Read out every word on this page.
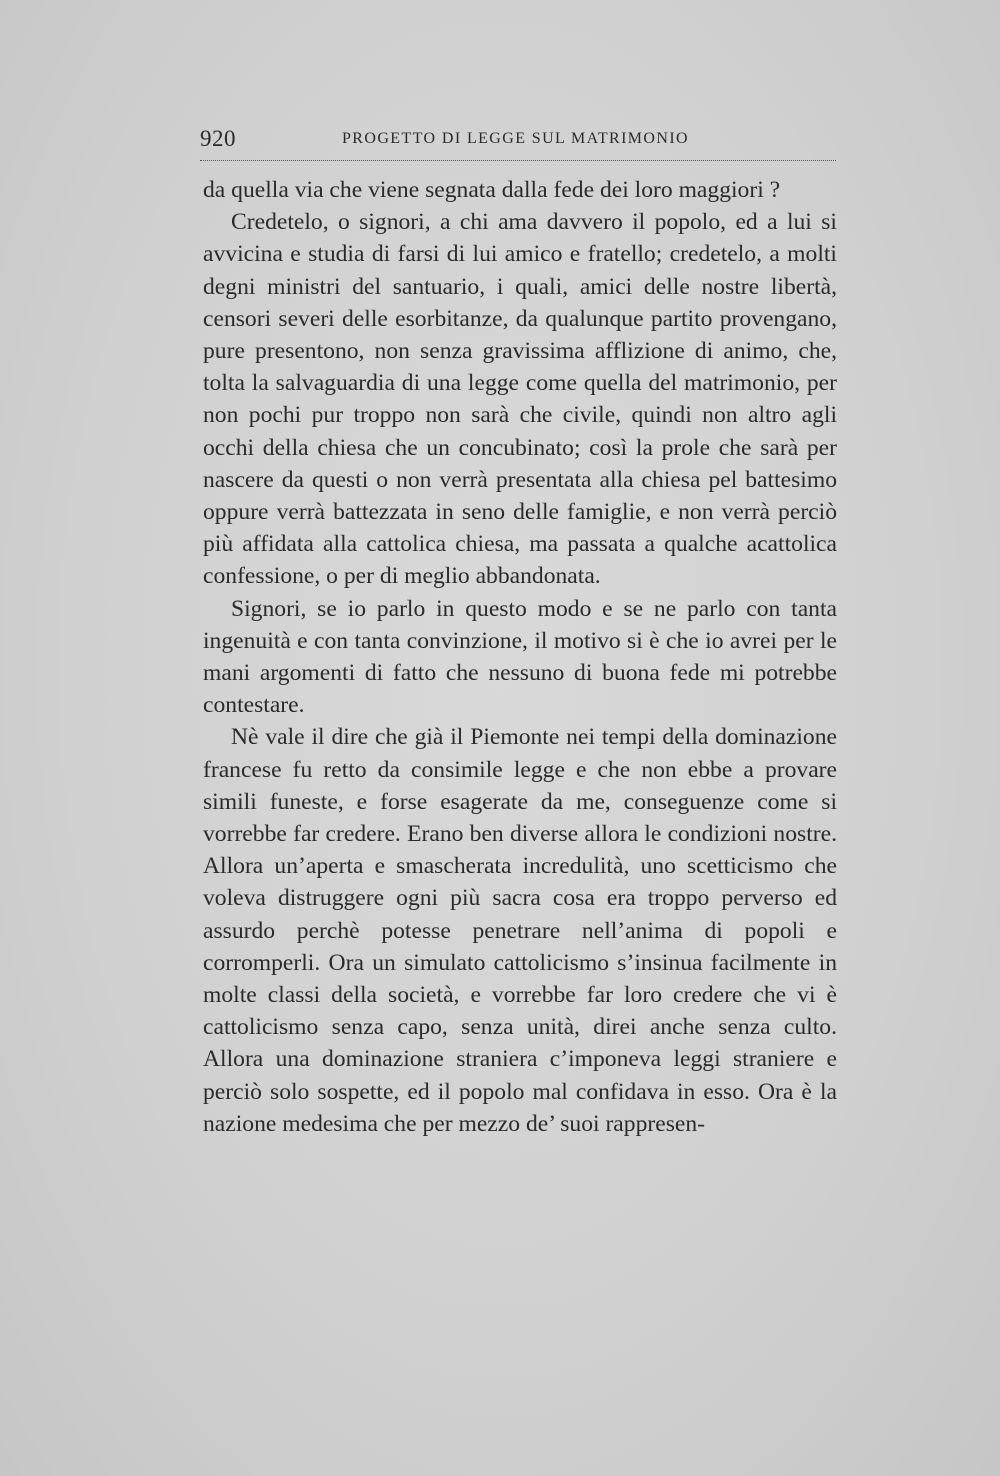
920	PROGETTO DI LEGGE SUL MATRIMONIO

da quella via che viene segnata dalla fede dei loro maggiori ?

Credetelo, o signori, a chi ama davvero il popolo, ed a lui si avvicina e studia di farsi di lui amico e fratello; credetelo, a molti degni ministri del santuario, i quali, amici delle nostre libertà, censori severi delle esorbitanze, da qualunque partito provengano, pure presentono, non senza gravissima afflizione di animo, che, tolta la salvaguardia di una legge come quella del matrimonio, per non pochi pur troppo non sarà che civile, quindi non altro agli occhi della chiesa che un concubinato; così la prole che sarà per nascere da questi o non verrà presentata alla chiesa pel battesimo oppure verrà battezzata in seno delle famiglie, e non verrà perciò più affidata alla cattolica chiesa, ma passata a qualche acattolica confessione, o per di meglio abbandonata.

Signori, se io parlo in questo modo e se ne parlo con tanta ingenuità e con tanta convinzione, il motivo si è che io avrei per le mani argomenti di fatto che nessuno di buona fede mi potrebbe contestare.

Nè vale il dire che già il Piemonte nei tempi della dominazione francese fu retto da consimile legge e che non ebbe a provare simili funeste, e forse esagerate da me, conseguenze come si vorrebbe far credere. Erano ben diverse allora le condizioni nostre. Allora un’aperta e smascherata incredulità, uno scetticismo che voleva distruggere ogni più sacra cosa era troppo perverso ed assurdo perchè potesse penetrare nell’anima di popoli e corromperli. Ora un simulato cattolicismo s’insinua facilmente in molte classi della società, e vorrebbe far loro credere che vi è cattolicismo senza capo, senza unità, direi anche senza culto. Allora una dominazione straniera c’imponeva leggi straniere e perciò solo sospette, ed il popolo mal confidava in esso. Ora è la nazione medesima che per mezzo de’ suoi rappresen-
